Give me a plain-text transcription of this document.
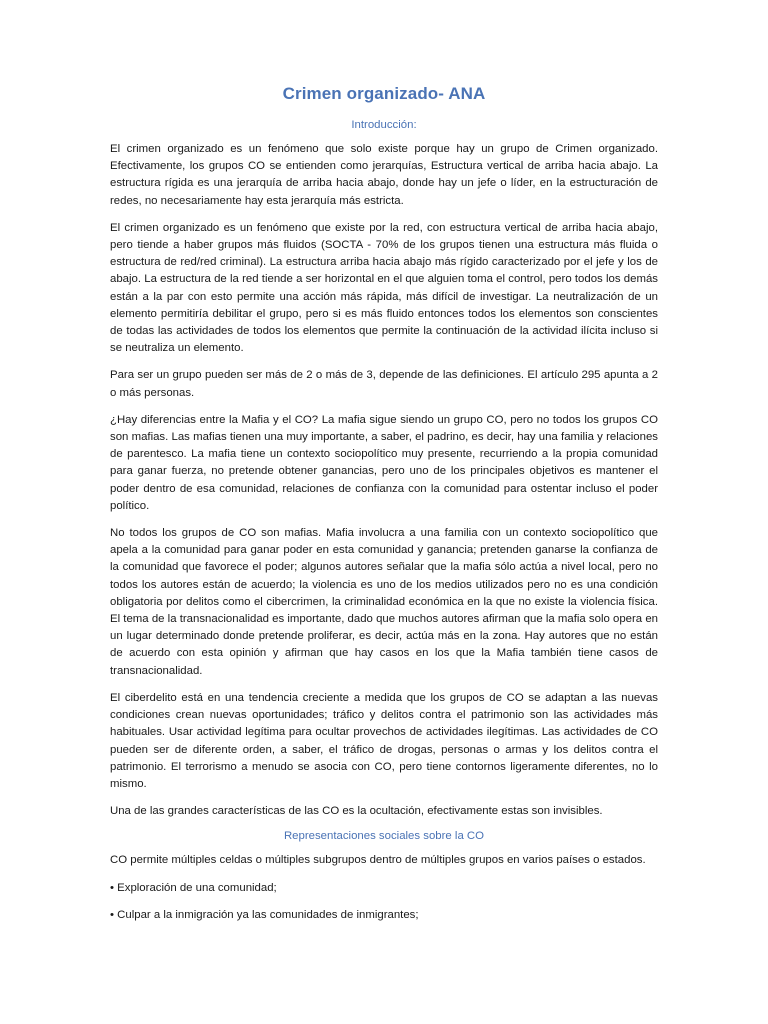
Crimen organizado- ANA
Introducción:

El crimen organizado es un fenómeno que solo existe porque hay un grupo de Crimen organizado. Efectivamente, los grupos CO se entienden como jerarquías, Estructura vertical de arriba hacia abajo. La estructura rígida es una jerarquía de arriba hacia abajo, donde hay un jefe o líder, en la estructuración de redes, no necesariamente hay esta jerarquía más estricta.

El crimen organizado es un fenómeno que existe por la red, con estructura vertical de arriba hacia abajo, pero tiende a haber grupos más fluidos (SOCTA - 70% de los grupos tienen una estructura más fluida o estructura de red/red criminal). La estructura arriba hacia abajo más rígido caracterizado por el jefe y los de abajo. La estructura de la red tiende a ser horizontal en el que alguien toma el control, pero todos los demás están a la par con esto permite una acción más rápida, más difícil de investigar. La neutralización de un elemento permitiría debilitar el grupo, pero si es más fluido entonces todos los elementos son conscientes de todas las actividades de todos los elementos que permite la continuación de la actividad ilícita incluso si se neutraliza un elemento.

Para ser un grupo pueden ser más de 2 o más de 3, depende de las definiciones. El artículo 295 apunta a 2 o más personas.

¿Hay diferencias entre la Mafia y el CO? La mafia sigue siendo un grupo CO, pero no todos los grupos CO son mafias. Las mafias tienen una muy importante, a saber, el padrino, es decir, hay una familia y relaciones de parentesco. La mafia tiene un contexto sociopolítico muy presente, recurriendo a la propia comunidad para ganar fuerza, no pretende obtener ganancias, pero uno de los principales objetivos es mantener el poder dentro de esa comunidad, relaciones de confianza con la comunidad para ostentar incluso el poder político.

No todos los grupos de CO son mafias. Mafia involucra a una familia con un contexto sociopolítico que apela a la comunidad para ganar poder en esta comunidad y ganancia; pretenden ganarse la confianza de la comunidad que favorece el poder; algunos autores señalar que la mafia sólo actúa a nivel local, pero no todos los autores están de acuerdo; la violencia es uno de los medios utilizados pero no es una condición obligatoria por delitos como el cibercrimen, la criminalidad económica en la que no existe la violencia física. El tema de la transnacionalidad es importante, dado que muchos autores afirman que la mafia solo opera en un lugar determinado donde pretende proliferar, es decir, actúa más en la zona. Hay autores que no están de acuerdo con esta opinión y afirman que hay casos en los que la Mafia también tiene casos de transnacionalidad.

El ciberdelito está en una tendencia creciente a medida que los grupos de CO se adaptan a las nuevas condiciones crean nuevas oportunidades; tráfico y delitos contra el patrimonio son las actividades más habituales. Usar actividad legítima para ocultar provechos de actividades ilegítimas. Las actividades de CO pueden ser de diferente orden, a saber, el tráfico de drogas, personas o armas y los delitos contra el patrimonio. El terrorismo a menudo se asocia con CO, pero tiene contornos ligeramente diferentes, no lo mismo.

Una de las grandes características de las CO es la ocultación, efectivamente estas son invisibles.

Representaciones sociales sobre la CO

CO permite múltiples celdas o múltiples subgrupos dentro de múltiples grupos en varios países o estados.

• Exploración de una comunidad;
• Culpar a la inmigración ya las comunidades de inmigrantes;
